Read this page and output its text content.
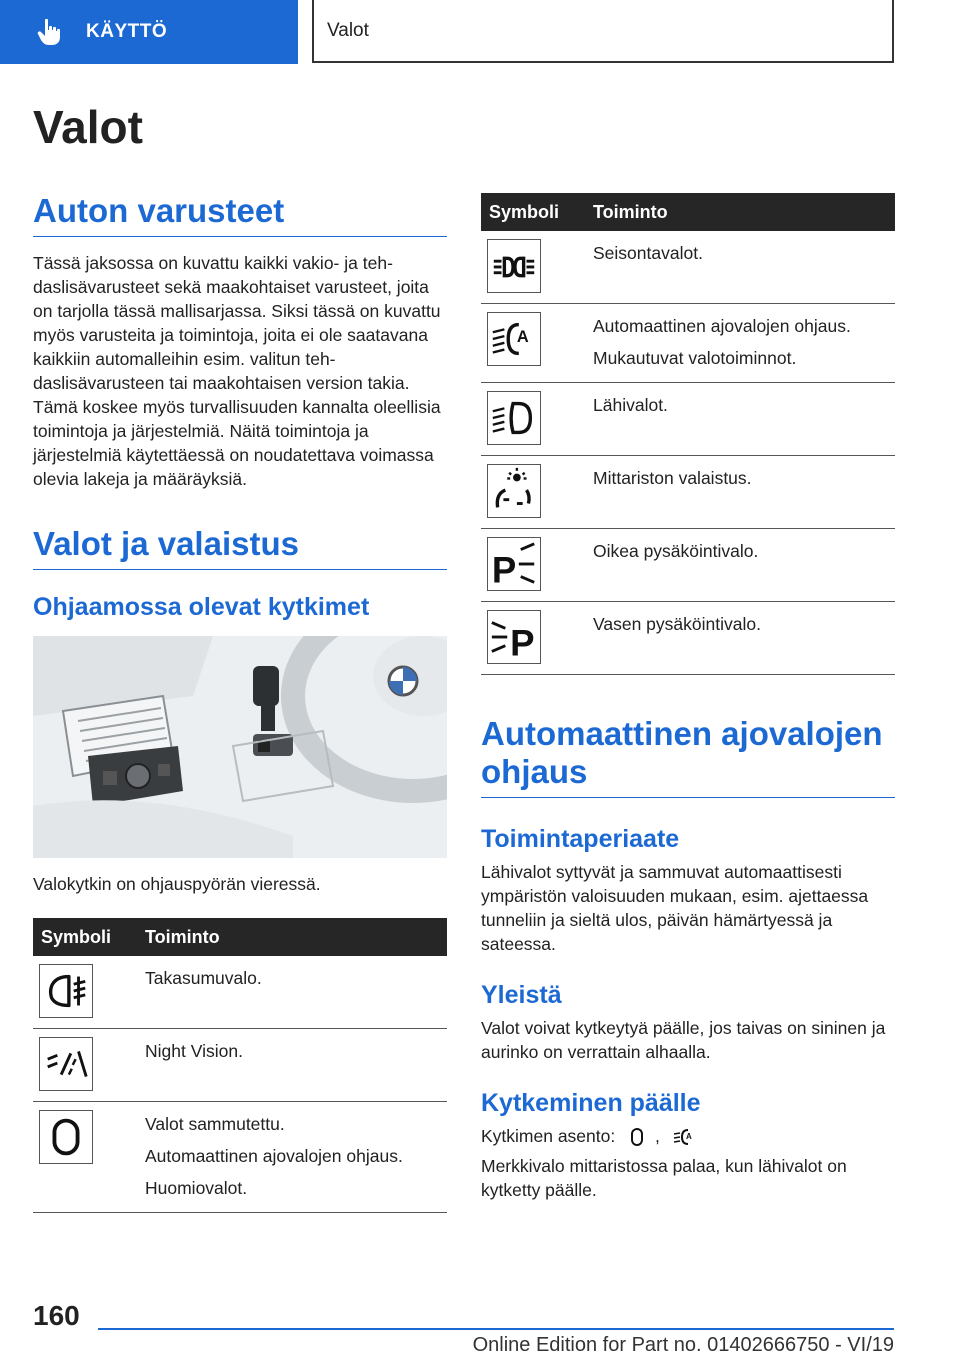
KÄYTTÖ	Valot
Valot
Auton varusteet

Tässä jaksossa on kuvattu kaikki vakio- ja tehdaslisävarusteet sekä maakohtaiset varusteet, joita on tarjolla tässä mallisarjassa. Siksi tässä on kuvattu myös varusteita ja toimintoja, joita ei ole saatavana kaikkiin automalleihin esim. valitun tehdaslisävarusteen tai maakohtaisen version takia. Tämä koskee myös turvallisuuden kannalta oleellisia toimintoja ja järjestelmiä. Näitä toimintoja ja järjestelmiä käytettäessä on noudatettava voimassa olevia lakeja ja määräyksiä.

Valot ja valaistus
Ohjaamossa olevat kytkimet

Valokytkin on ohjauspyörän vieressä.

Symboli	Toiminto

Takasumuvalo.

Night Vision.

Valot sammutettu.
Automaattinen ajovalojen ohjaus.
Huomiovalot.
Symboli	Toiminto

Seisontavalot.

A	Automaattinen ajovalojen ohjaus.
Mukautuvat valotoiminnot.

Lähivalot.

Mittariston valaistus.

P	Oikea pysäköintivalo.

P	Vasen pysäköintivalo.
Automaattinen ajovalojen ohjaus
Toimintaperiaate

Lähivalot syttyvät ja sammuvat automaattisesti ympäristön valoisuuden mukaan, esim. ajettaessa tunneliin ja sieltä ulos, päivän hämärtyessä ja sateessa.

Yleistä

Valot voivat kytkeytyä päälle, jos taivas on sininen ja aurinko on verrattain alhaalla.

Kytkeminen päälle

Kytkimen asento: ,	A

Merkkivalo mittaristossa palaa, kun lähivalot on kytketty päälle.

160
Online Edition for Part no. 01402666750 - VI/19
